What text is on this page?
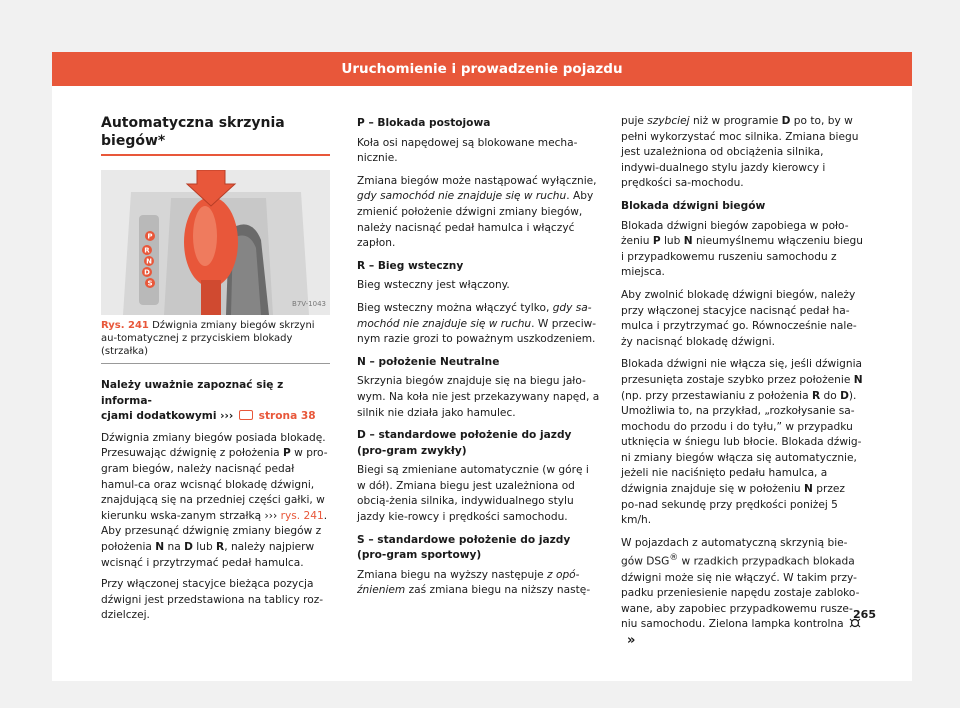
Uruchomienie i prowadzenie pojazdu
Automatyczna skrzynia biegów*
P
R
N
D
S
B7V-1043
Rys. 241 Dźwignia zmiany biegów skrzyni au-tomatycznej z przyciskiem blokady (strzałka)
Należy uważnie zapoznać się z informa-
cjami dodatkowymi ››› strona 38

Dźwignia zmiany biegów posiada blokadę. Przesuwając dźwignię z położenia P w pro-gram biegów, należy nacisnąć pedał hamul-ca oraz wcisnąć blokadę dźwigni, znajdującą się na przedniej części gałki, w kierunku wska-zanym strzałką ››› rys. 241. Aby przesunąć dźwignię zmiany biegów z położenia N na D lub R, należy najpierw wcisnąć i przytrzymać pedał hamulca.

Przy włączonej stacyjce bieżąca pozycja dźwigni jest przedstawiona na tablicy roz-dzielczej.

P – Blokada postojowa

Koła osi napędowej są blokowane mecha-nicznie.

Zmiana biegów może nastąpować wyłącznie, gdy samochód nie znajduje się w ruchu. Aby zmienić położenie dźwigni zmiany biegów, należy nacisnąć pedał hamulca i włączyć zapłon.

R – Bieg wsteczny

Bieg wsteczny jest włączony.

Bieg wsteczny można włączyć tylko, gdy sa-mochód nie znajduje się w ruchu. W przeciw-nym razie grozi to poważnym uszkodzeniem.

N – położenie Neutralne

Skrzynia biegów znajduje się na biegu jało-wym. Na koła nie jest przekazywany napęd, a silnik nie działa jako hamulec.

D – standardowe położenie do jazdy (pro-gram zwykły)

Biegi są zmieniane automatycznie (w górę i w dół). Zmiana biegu jest uzależniona od obcią-żenia silnika, indywidualnego stylu jazdy kie-rowcy i prędkości samochodu.

S – standardowe położenie do jazdy (pro-gram sportowy)

Zmiana biegu na wyższy następuje z opó-źnieniem zaś zmiana biegu na niższy nastę-

puje szybciej niż w programie D po to, by w pełni wykorzystać moc silnika. Zmiana biegu jest uzależniona od obciążenia silnika, indywi-dualnego stylu jazdy kierowcy i prędkości sa-mochodu.

Blokada dźwigni biegów

Blokada dźwigni biegów zapobiega w poło-żeniu P lub N nieumyślnemu włączeniu biegu i przypadkowemu ruszeniu samochodu z miejsca.

Aby zwolnić blokadę dźwigni biegów, należy przy włączonej stacyjce nacisnąć pedał ha-mulca i przytrzymać go. Równocześnie nale-ży nacisnąć blokadę dźwigni.

Blokada dźwigni nie włącza się, jeśli dźwignia przesunięta zostaje szybko przez położenie N (np. przy przestawianiu z położenia R do D). Umożliwia to, na przykład, „rozkołysanie sa-mochodu do przodu i do tyłu,” w przypadku utknięcia w śniegu lub błocie. Blokada dźwig-ni zmiany biegów włącza się automatycznie, jeżeli nie naciśnięto pedału hamulca, a dźwignia znajduje się w położeniu N przez po-nad sekundę przy prędkości poniżej 5 km/h.

W pojazdach z automatyczną skrzynią bie-gów DSG® w rzadkich przypadkach blokada dźwigni może się nie włączyć. W takim przy-padku przeniesienie napędu zostaje zabloko-wane, aby zapobiec przypadkowemu rusze-niu samochodu. Zielona lampka kontrolna  »

265
